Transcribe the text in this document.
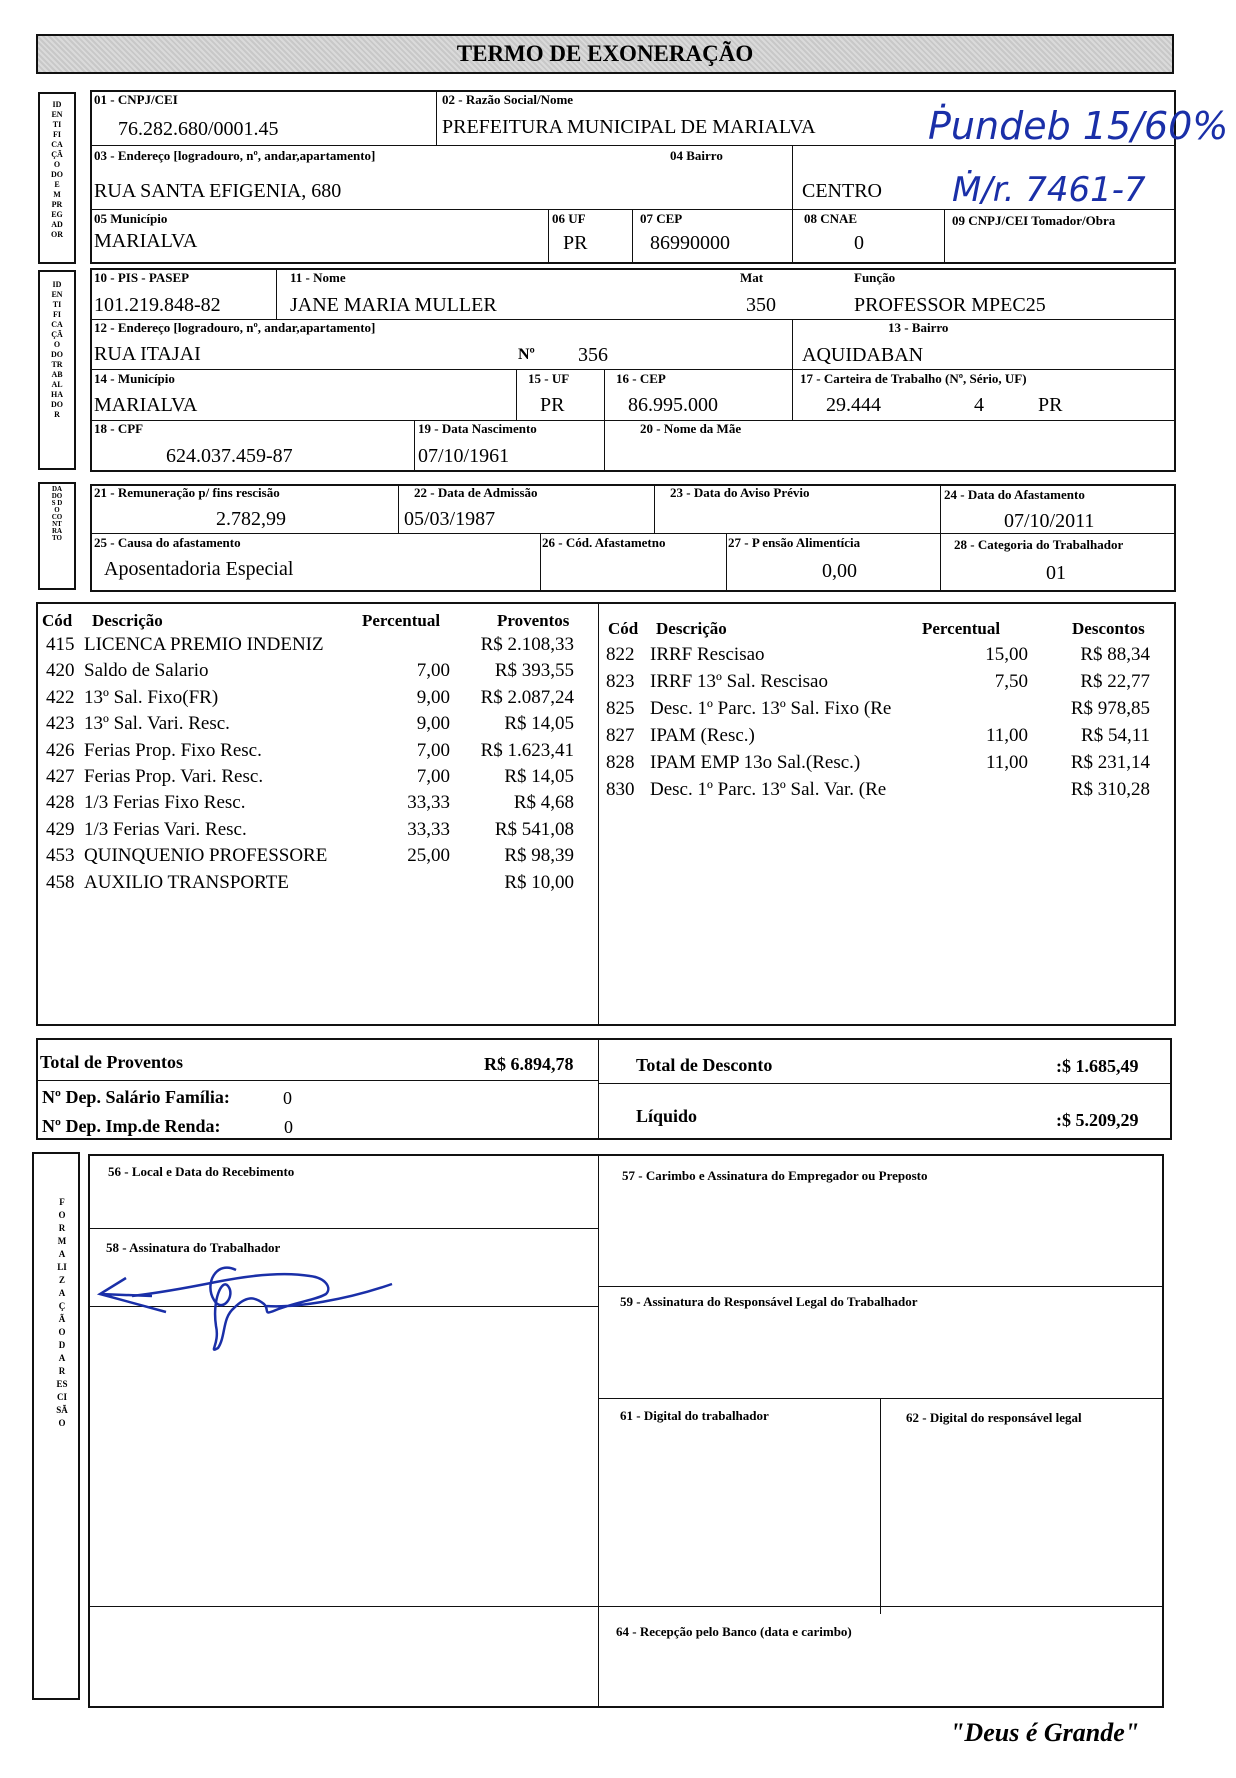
TERMO DE EXONERAÇÃO
IDENTIFICAÇÃO DO EMPREGADOR
01 - CNPJ/CEI
76.282.680/0001.45
02 - Razão Social/Nome
PREFEITURA MUNICIPAL DE MARIALVA
03 - Endereço [logradouro, nº, andar,apartamento]
RUA SANTA EFIGENIA, 680
04 Bairro
CENTRO
05 Município
MARIALVA
06 UF
PR
07 CEP
86990000
08 CNAE
0
09 CNPJ/CEI Tomador/Obra
Ṗundeb 15/60%
Ṁ/r. 7461-7
IDENTIFICAÇÃO DO TRABALHADOR
10 - PIS - PASEP
101.219.848-82
11 - Nome
JANE MARIA MULLER
Mat
350
Função
PROFESSOR MPEC25
12 - Endereço [logradouro, nº, andar,apartamento]
RUA ITAJAI	Nº 356
13 - Bairro
AQUIDABAN
14 - Município
MARIALVA
15 - UF
PR
16 - CEP
86.995.000
17 - Carteira de Trabalho (Nº, Sério, UF)
29.444	4	PR
18 - CPF
624.037.459-87
19 - Data Nascimento
07/10/1961
20 - Nome da Mãe
DADOS DO CONTRATO
21 - Remuneração p/ fins rescisão
2.782,99
22 - Data de Admissão
05/03/1987
23 - Data do Aviso Prévio	24 - Data do Afastamento
07/10/2011
25 - Causa do afastamento
Aposentadoria Especial
26 - Cód. Afastametno	27 - P ensão Alimentícia
0,00
28 - Categoria do Trabalhador
01
Cód Descrição	Percentual	Proventos
415 LICENCA PREMIO INDENIZ	R$ 2.108,33
420 Saldo de Salario	7,00	R$ 393,55
422 13º Sal. Fixo(FR)	9,00	R$ 2.087,24
423 13º Sal. Vari. Resc.	9,00	R$ 14,05
426 Ferias Prop. Fixo Resc.	7,00	R$ 1.623,41
427 Ferias Prop. Vari. Resc.	7,00	R$ 14,05
428 1/3 Ferias Fixo Resc.	33,33	R$ 4,68
429 1/3 Ferias Vari. Resc.	33,33	R$ 541,08
453 QUINQUENIO PROFESSORE	25,00	R$ 98,39
458 AUXILIO TRANSPORTE	R$ 10,00
Cód Descrição	Percentual	Descontos
822 IRRF Rescisao	15,00	R$ 88,34
823 IRRF 13º Sal. Rescisao	7,50	R$ 22,77
825 Desc. 1º Parc. 13º Sal. Fixo (Re	R$ 978,85
827 IPAM (Resc.)	11,00	R$ 54,11
828 IPAM EMP 13o Sal.(Resc.)	11,00	R$ 231,14
830 Desc. 1º Parc. 13º Sal. Var. (Re	R$ 310,28
Total de Proventos	R$ 6.894,78	Total de Desconto	:$ 1.685,49
Nº Dep. Salário Família:	0
Nº Dep. Imp.de Renda:	0
Líquido	:$ 5.209,29
FORMALIZAÇÃO DA RESCISÃO
56 - Local e Data do Recebimento	57 - Carimbo e Assinatura do Empregador ou Preposto
58 - Assinatura do Trabalhador
59 - Assinatura do Responsável Legal do Trabalhador
61 - Digital do trabalhador	62 - Digital do responsável legal
64 - Recepção pelo Banco (data e carimbo)
"Deus é Grande"
